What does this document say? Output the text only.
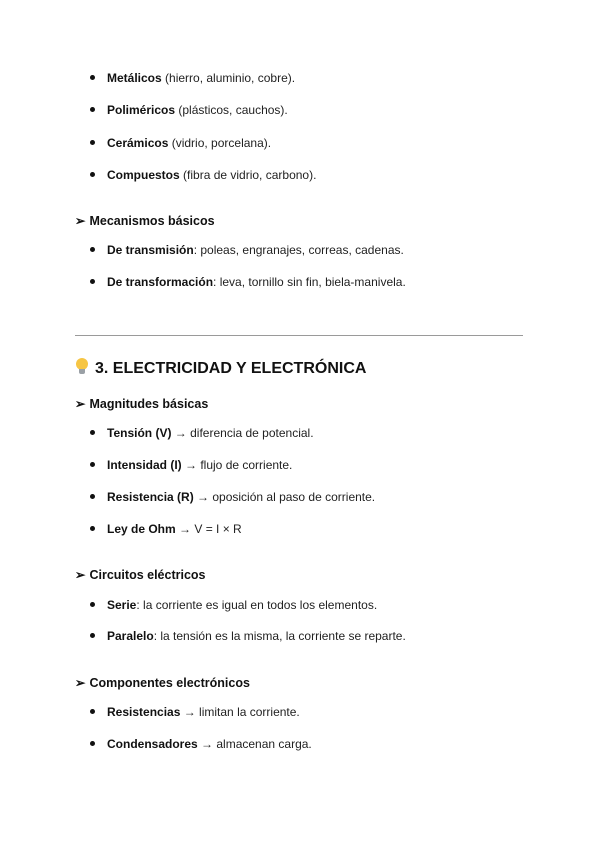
Metálicos (hierro, aluminio, cobre).
Poliméricos (plásticos, cauchos).
Cerámicos (vidrio, porcelana).
Compuestos (fibra de vidrio, carbono).
➢ Mecanismos básicos
De transmisión: poleas, engranajes, correas, cadenas.
De transformación: leva, tornillo sin fin, biela-manivela.
3. ELECTRICIDAD Y ELECTRÓNICA
➢ Magnitudes básicas
Tensión (V) → diferencia de potencial.
Intensidad (I) → flujo de corriente.
Resistencia (R) → oposición al paso de corriente.
Ley de Ohm → V = I × R
➢ Circuitos eléctricos
Serie: la corriente es igual en todos los elementos.
Paralelo: la tensión es la misma, la corriente se reparte.
➢ Componentes electrónicos
Resistencias → limitan la corriente.
Condensadores → almacenan carga.
